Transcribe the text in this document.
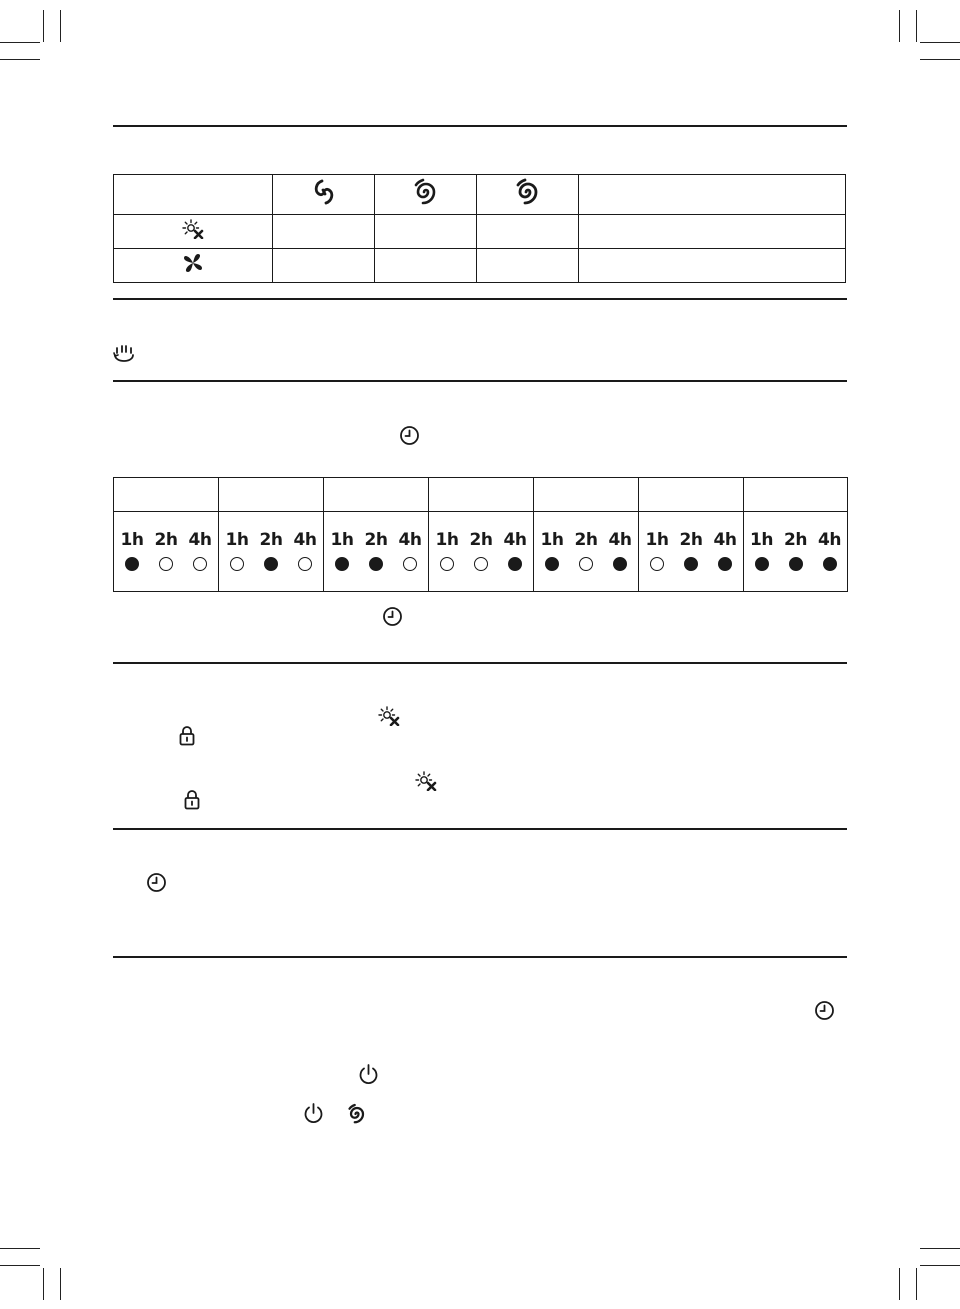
1h 2h 4h	1h 2h 4h	1h 2h 4h	1h 2h 4h	1h 2h 4h	1h 2h 4h	1h 2h 4h
